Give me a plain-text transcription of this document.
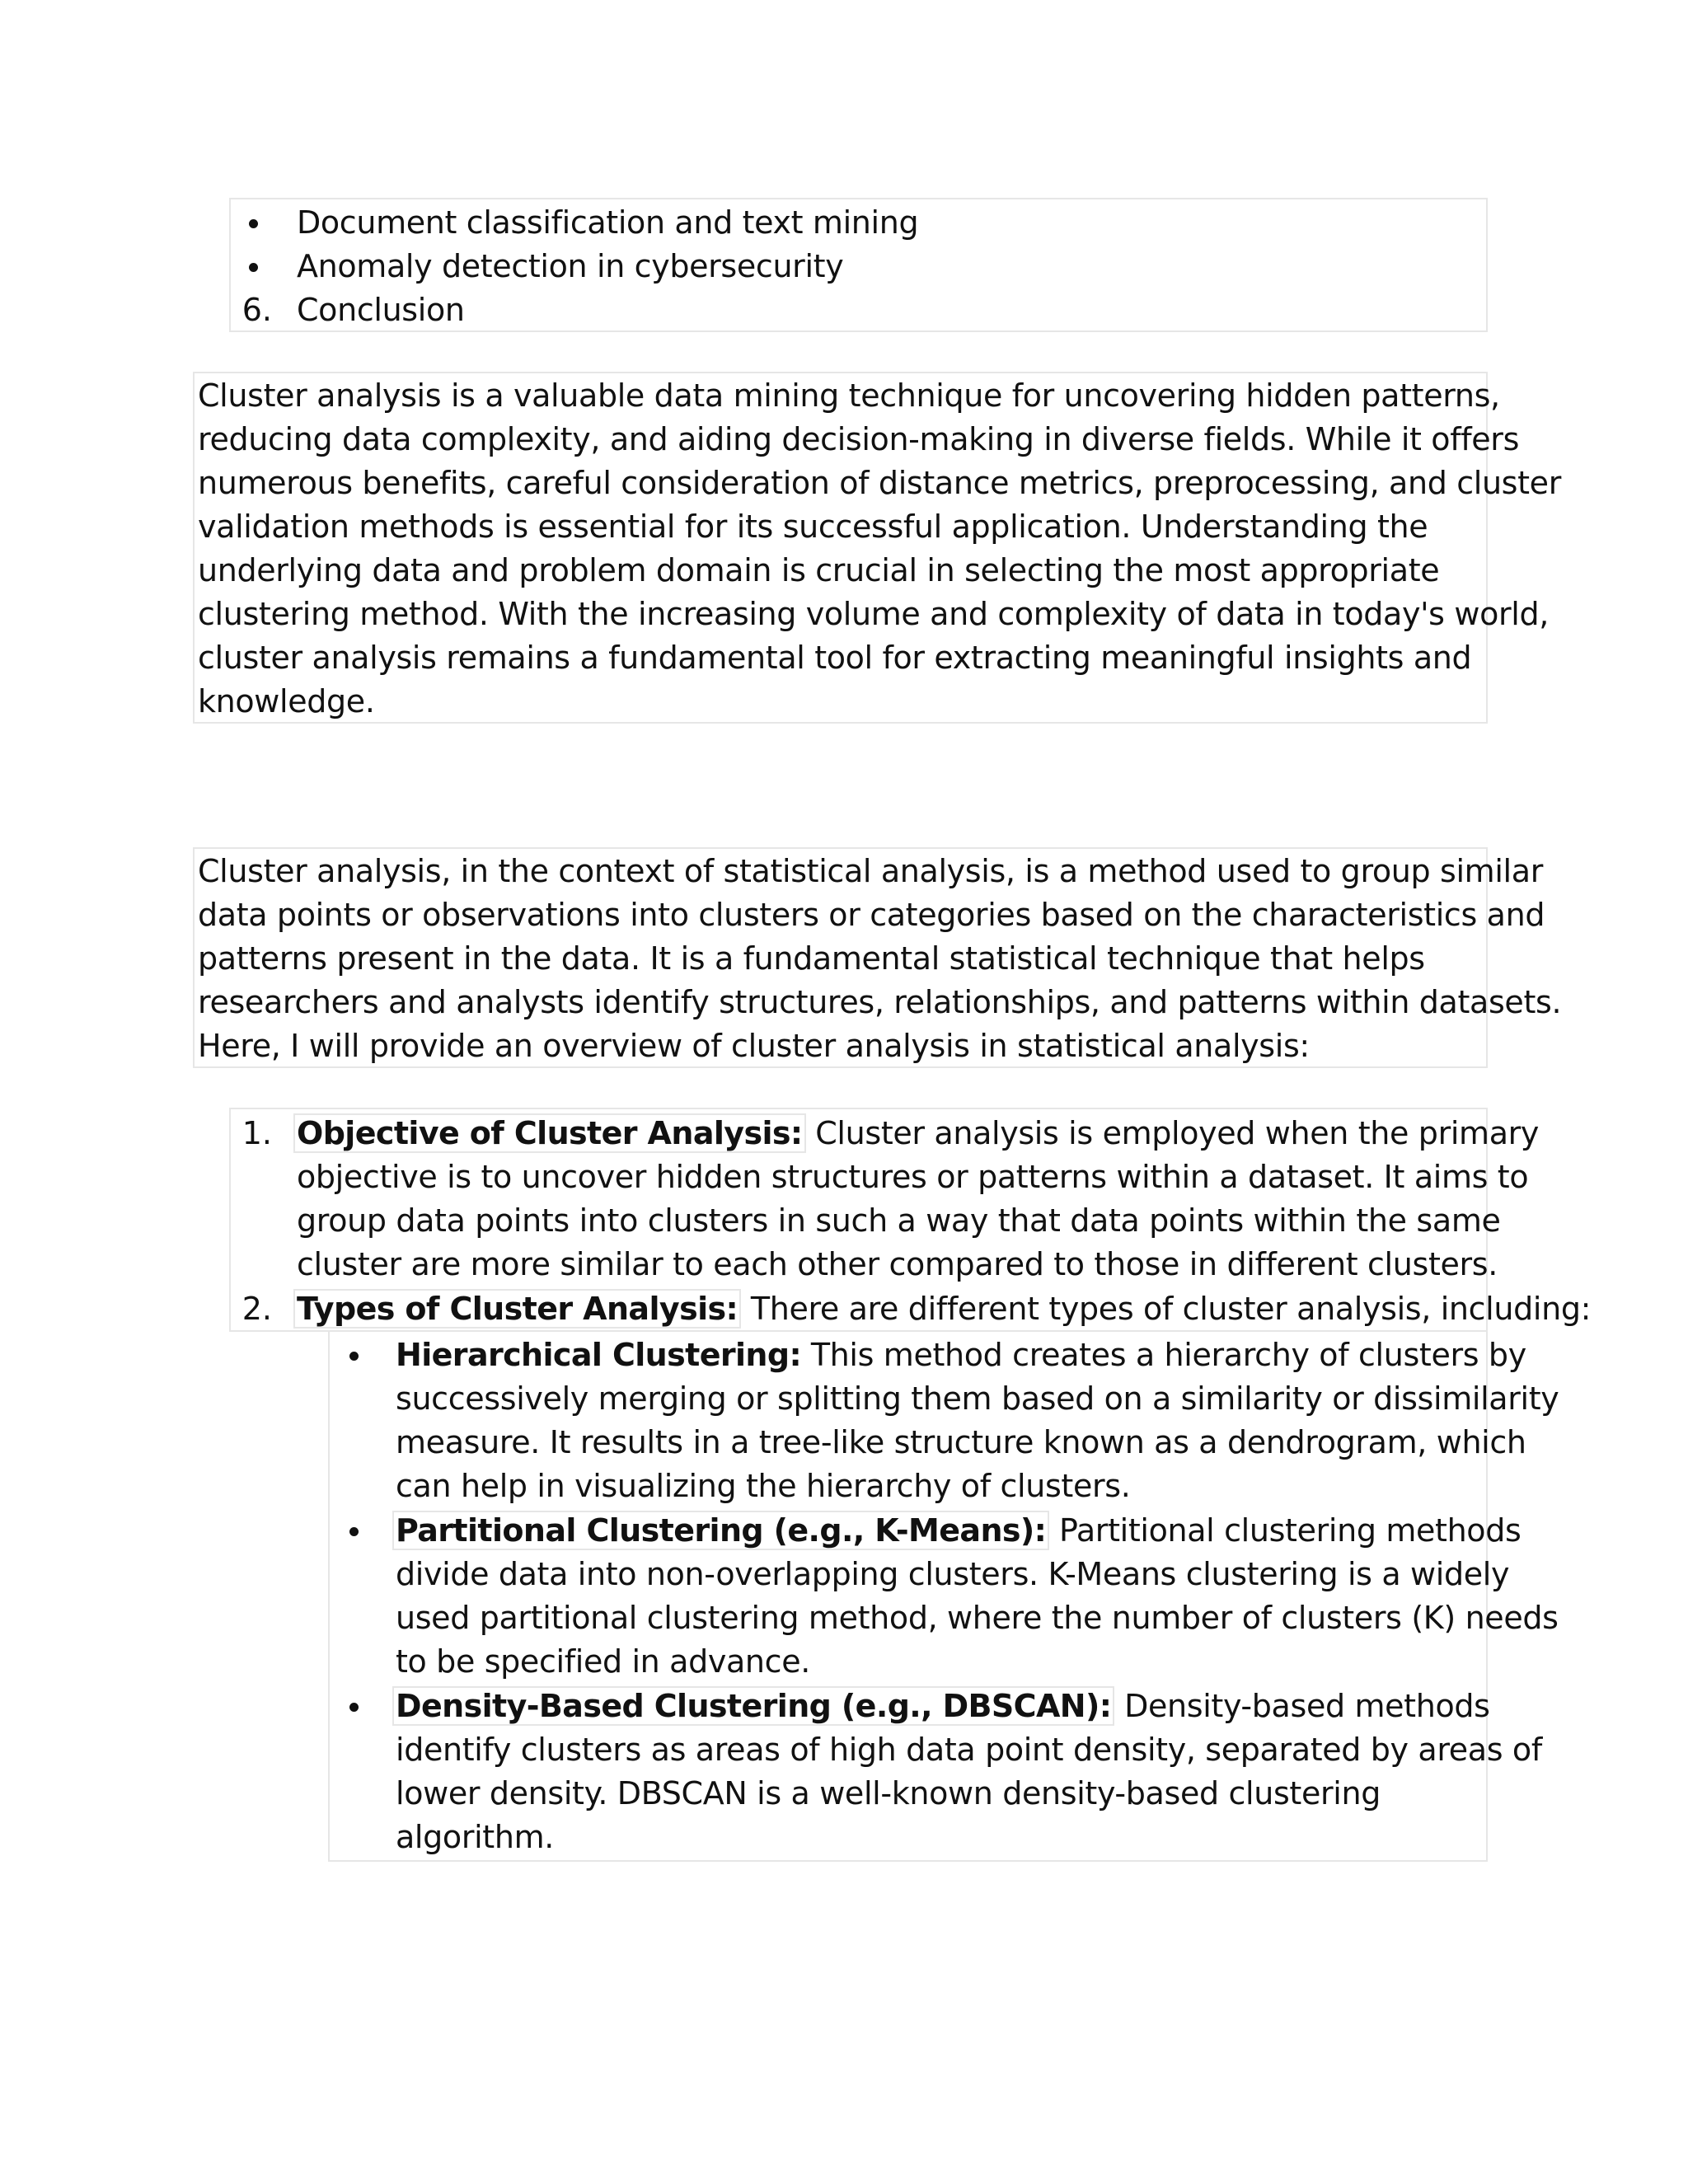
Document classification and text mining
Anomaly detection in cybersecurity
6. Conclusion
Cluster analysis is a valuable data mining technique for uncovering hidden patterns,
reducing data complexity, and aiding decision-making in diverse fields. While it offers
numerous benefits, careful consideration of distance metrics, preprocessing, and cluster
validation methods is essential for its successful application. Understanding the
underlying data and problem domain is crucial in selecting the most appropriate
clustering method. With the increasing volume and complexity of data in today's world,
cluster analysis remains a fundamental tool for extracting meaningful insights and
knowledge.
Cluster analysis, in the context of statistical analysis, is a method used to group similar
data points or observations into clusters or categories based on the characteristics and
patterns present in the data. It is a fundamental statistical technique that helps
researchers and analysts identify structures, relationships, and patterns within datasets.
Here, I will provide an overview of cluster analysis in statistical analysis:
1. Objective of Cluster Analysis: Cluster analysis is employed when the primary
objective is to uncover hidden structures or patterns within a dataset. It aims to
group data points into clusters in such a way that data points within the same
cluster are more similar to each other compared to those in different clusters.
2. Types of Cluster Analysis: There are different types of cluster analysis, including:
Hierarchical Clustering: This method creates a hierarchy of clusters by
successively merging or splitting them based on a similarity or dissimilarity
measure. It results in a tree-like structure known as a dendrogram, which
can help in visualizing the hierarchy of clusters.
Partitional Clustering (e.g., K-Means): Partitional clustering methods
divide data into non-overlapping clusters. K-Means clustering is a widely
used partitional clustering method, where the number of clusters (K) needs
to be specified in advance.
Density-Based Clustering (e.g., DBSCAN): Density-based methods
identify clusters as areas of high data point density, separated by areas of
lower density. DBSCAN is a well-known density-based clustering
algorithm.
